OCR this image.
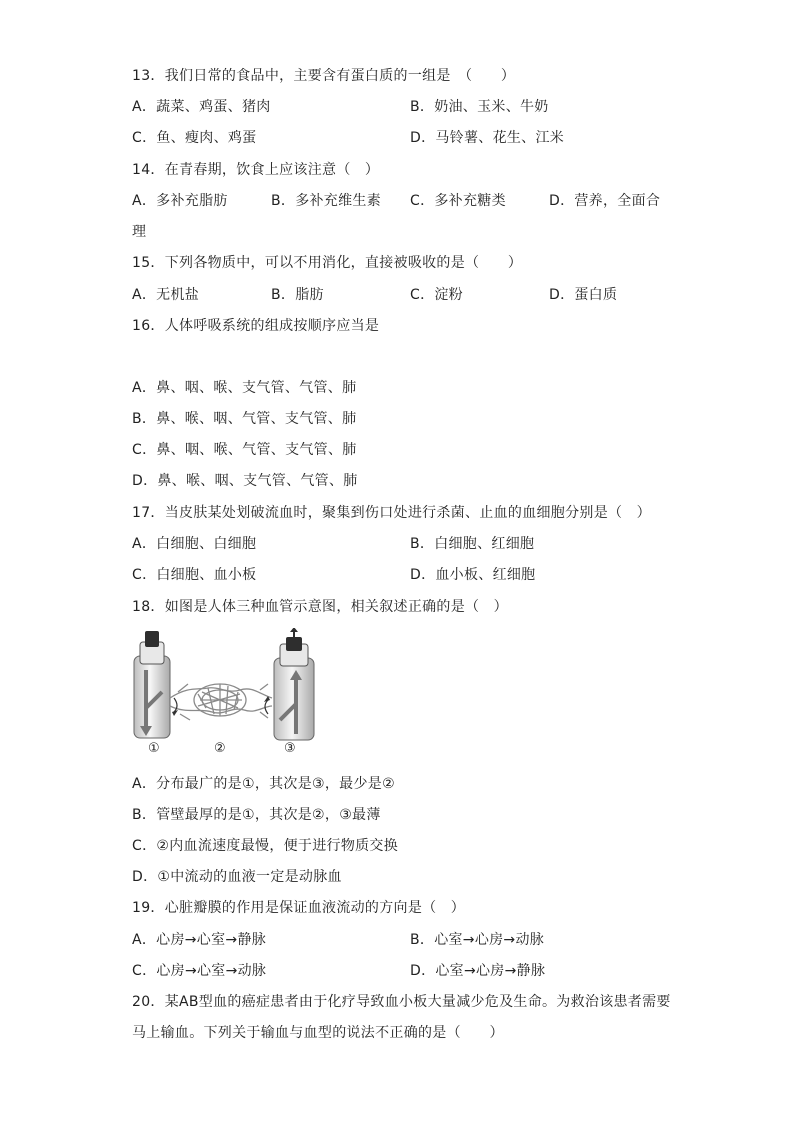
13．我们日常的食品中，主要含有蛋白质的一组是　（　　）
A．蔬菜、鸡蛋、猪肉	B．奶油、玉米、牛奶
C．鱼、瘦肉、鸡蛋	D．马铃薯、花生、江米
14．在青春期，饮食上应该注意（　）
A．多补充脂肪	B．多补充维生素 C．多补充糖类	D．营养，全面合
理
15．下列各物质中，可以不用消化，直接被吸收的是（　　）
A．无机盐	B．脂肪	C．淀粉	D．蛋白质
16．人体呼吸系统的组成按顺序应当是
A．鼻、咽、喉、支气管、气管、肺
B．鼻、喉、咽、气管、支气管、肺
C．鼻、咽、喉、气管、支气管、肺
D．鼻、喉、咽、支气管、气管、肺
17．当皮肤某处划破流血时，聚集到伤口处进行杀菌、止血的血细胞分别是（　）
A．白细胞、白细胞	B．白细胞、红细胞
C．白细胞、血小板	D．血小板、红细胞
18．如图是人体三种血管示意图，相关叙述正确的是（　）
①	②	③
A．分布最广的是①，其次是③，最少是②
B．管壁最厚的是①，其次是②，③最薄
C．②内血流速度最慢，便于进行物质交换
D．①中流动的血液一定是动脉血
19．心脏瓣膜的作用是保证血液流动的方向是（　）
A．心房→心室→静脉	B．心室→心房→动脉
C．心房→心室→动脉	D．心室→心房→静脉
20．某AB型血的癌症患者由于化疗导致血小板大量减少危及生命。为救治该患者需要
马上输血。下列关于输血与血型的说法不正确的是（　　）
